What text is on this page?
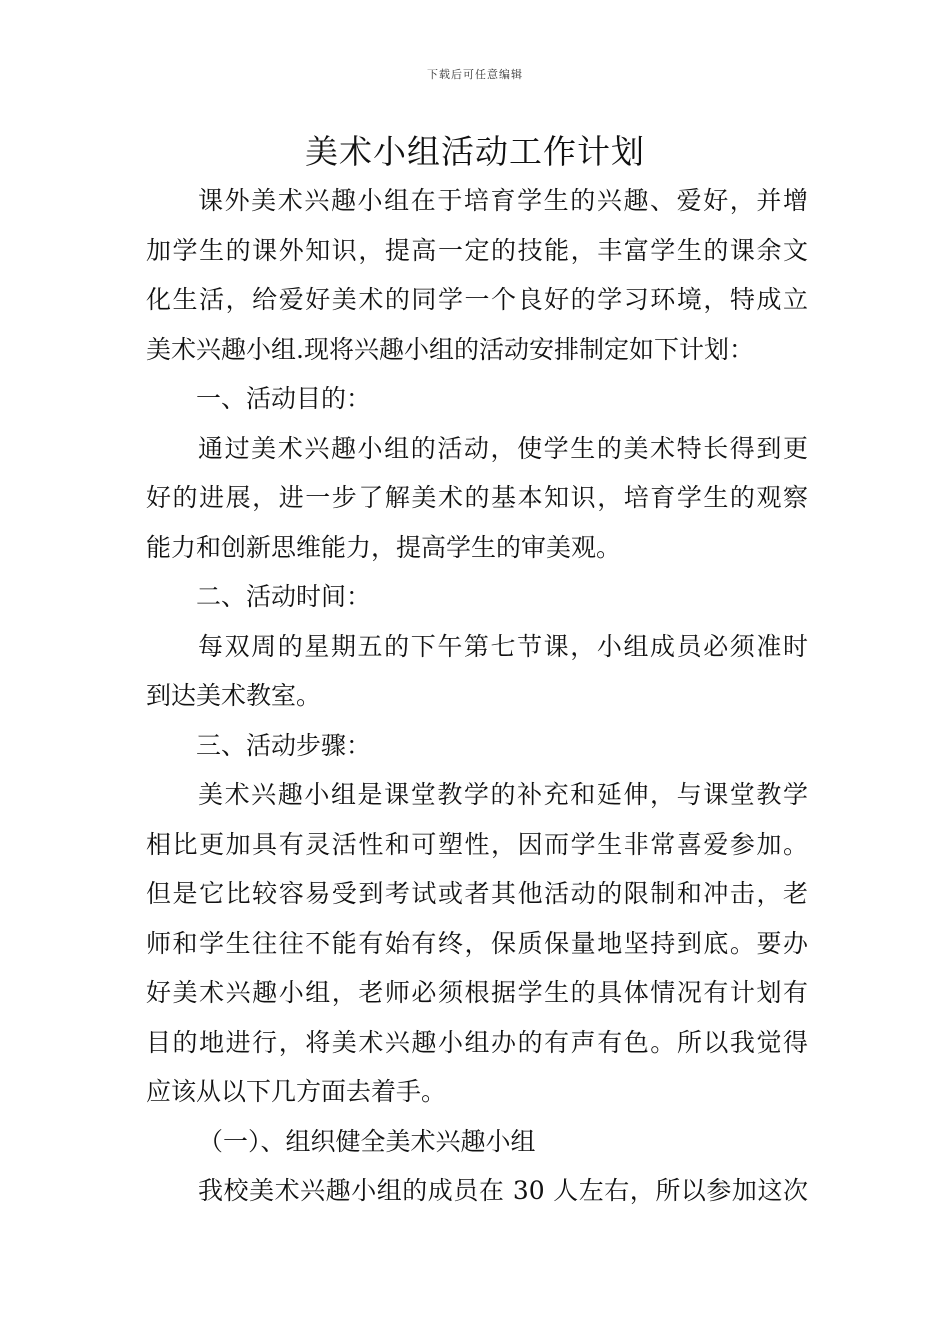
下载后可任意编辑
美术小组活动工作计划
课外美术兴趣小组在于培育学生的兴趣、爱好，并增
加学生的课外知识，提高一定的技能，丰富学生的课余文
化生活，给爱好美术的同学一个良好的学习环境，特成立
美术兴趣小组.现将兴趣小组的活动安排制定如下计划：
一、活动目的：
通过美术兴趣小组的活动，使学生的美术特长得到更
好的进展，进一步了解美术的基本知识，培育学生的观察
能力和创新思维能力，提高学生的审美观。
二、活动时间：
每双周的星期五的下午第七节课，小组成员必须准时
到达美术教室。
三、活动步骤：
美术兴趣小组是课堂教学的补充和延伸，与课堂教学
相比更加具有灵活性和可塑性，因而学生非常喜爱参加。
但是它比较容易受到考试或者其他活动的限制和冲击，老
师和学生往往不能有始有终，保质保量地坚持到底。要办
好美术兴趣小组，老师必须根据学生的具体情况有计划有
目的地进行，将美术兴趣小组办的有声有色。所以我觉得
应该从以下几方面去着手。
（一）、组织健全美术兴趣小组
我校美术兴趣小组的成员在 30 人左右，所以参加这次
